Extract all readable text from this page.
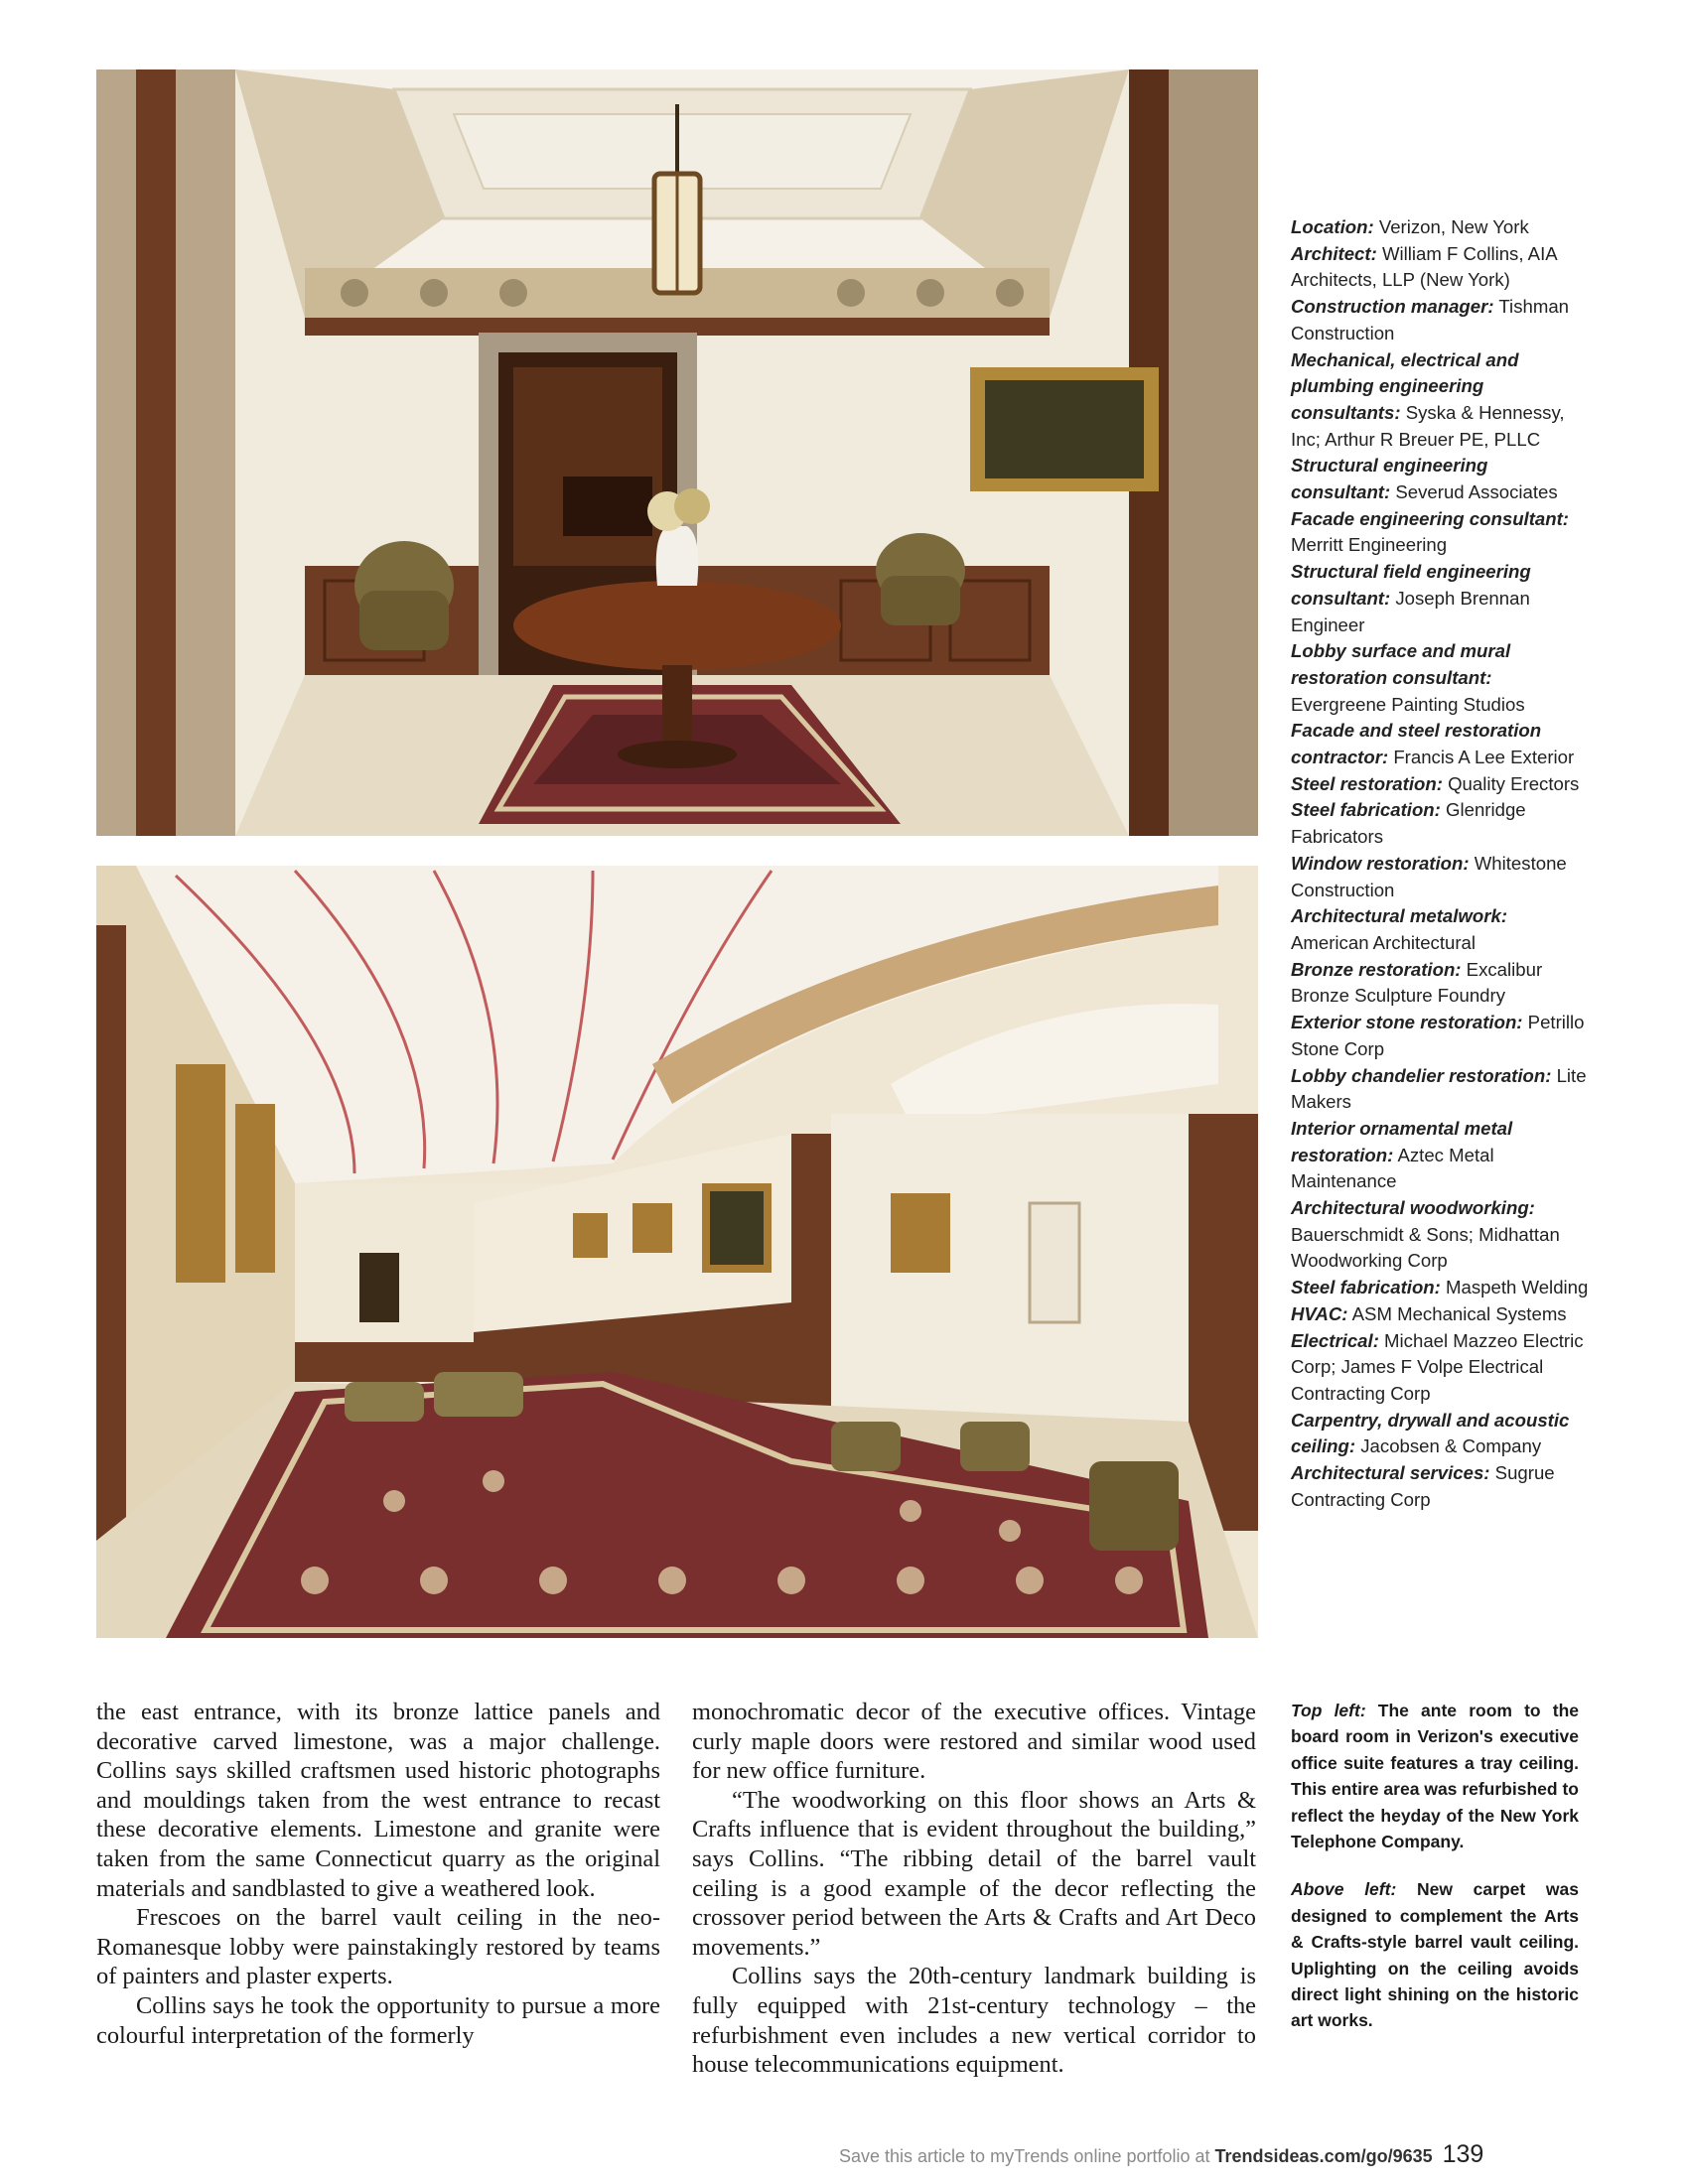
Location: Verizon, New York
Architect: William F Collins, AIA Architects, LLP (New York)
Construction manager: Tishman Construction
Mechanical, electrical and plumbing engineering consultants: Syska & Hennessy, Inc; Arthur R Breuer PE, PLLC
Structural engineering consultant: Severud Associates
Facade engineering consultant: Merritt Engineering
Structural field engineering consultant: Joseph Brennan Engineer
Lobby surface and mural restoration consultant: Evergreene Painting Studios
Facade and steel restoration contractor: Francis A Lee Exterior
Steel restoration: Quality Erectors
Steel fabrication: Glenridge Fabricators
Window restoration: Whitestone Construction
Architectural metalwork: American Architectural
Bronze restoration: Excalibur Bronze Sculpture Foundry
Exterior stone restoration: Petrillo Stone Corp
Lobby chandelier restoration: Lite Makers
Interior ornamental metal restoration: Aztec Metal Maintenance
Architectural woodworking: Bauerschmidt & Sons; Midhattan Woodworking Corp
Steel fabrication: Maspeth Welding
HVAC: ASM Mechanical Systems
Electrical: Michael Mazzeo Electric Corp; James F Volpe Electrical Contracting Corp
Carpentry, drywall and acoustic ceiling: Jacobsen & Company
Architectural services: Sugrue Contracting Corp

the east entrance, with its bronze lattice panels and decorative carved limestone, was a major challenge. Collins says skilled craftsmen used historic photographs and mouldings taken from the west entrance to recast these decorative elements. Limestone and granite were taken from the same Connecticut quarry as the original materials and sandblasted to give a weathered look.

Frescoes on the barrel vault ceiling in the neo-Romanesque lobby were painstakingly restored by teams of painters and plaster experts.

Collins says he took the opportunity to pursue a more colourful interpretation of the formerly

monochromatic decor of the executive offices. Vintage curly maple doors were restored and similar wood used for new office furniture.

“The woodworking on this floor shows an Arts & Crafts influence that is evident throughout the building,” says Collins. “The ribbing detail of the barrel vault ceiling is a good example of the decor reflecting the crossover period between the Arts & Crafts and Art Deco movements.”

Collins says the 20th-century landmark building is fully equipped with 21st-century technology – the refurbishment even includes a new vertical corridor to house telecommunications equipment.

Top left: The ante room to the board room in Verizon's executive office suite features a tray ceiling. This entire area was refurbished to reflect the heyday of the New York Telephone Company.

Above left: New carpet was designed to complement the Arts & Crafts-style barrel vault ceiling. Uplighting on the ceiling avoids direct light shining on the historic art works.

Save this article to myTrends online portfolio at Trendsideas.com/go/9635 139
